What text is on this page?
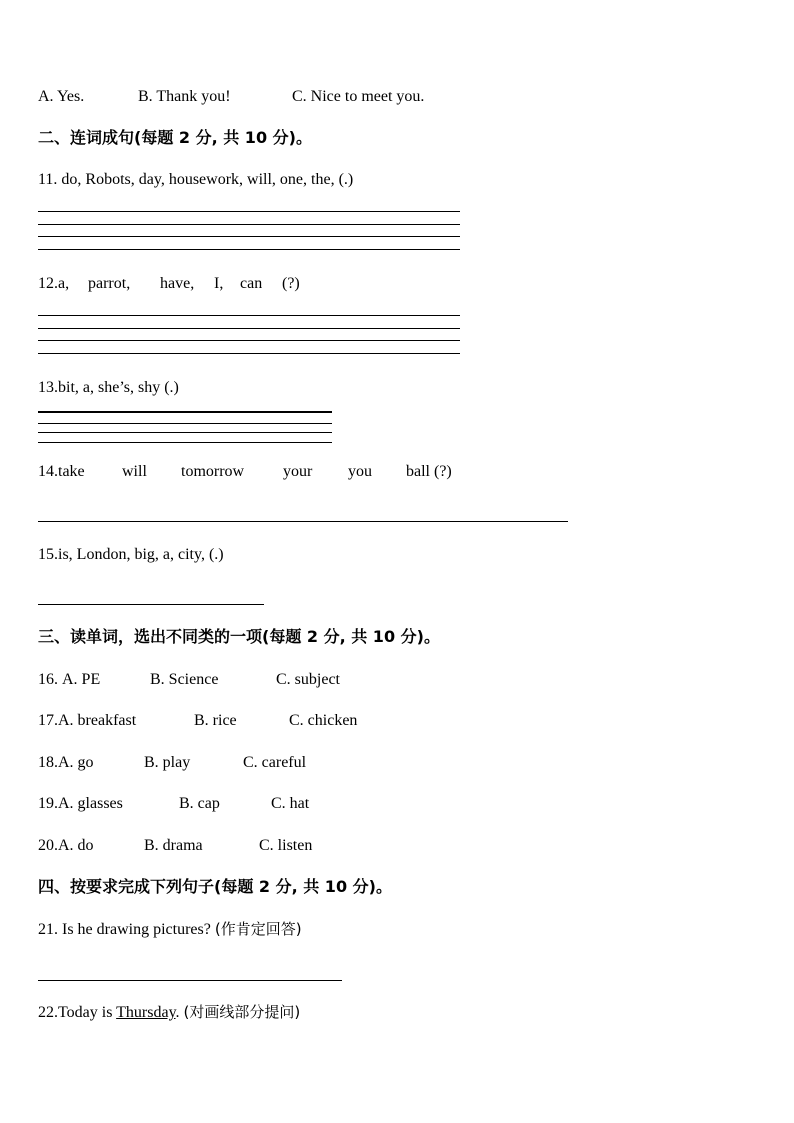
A. Yes.	B. Thank you!	C. Nice to meet you.
二、连词成句(每题 2 分, 共 10 分)。
11. do, Robots, day, housework, will, one, the, (.)
12.a, parrot, have, I, can (?)
13.bit, a, she’s, shy (.)
14.take will tomorrow your you ball (?)
15.is, London, big, a, city, (.)
三、读单词，选出不同类的一项(每题 2 分, 共 10 分)。
16. A. PE	B. Science	C. subject
17.A. breakfast	B. rice	C. chicken
18.A. go	B. play	C. careful
19.A. glasses	B. cap	C. hat
20.A. do	B. drama	C. listen
四、按要求完成下列句子(每题 2 分, 共 10 分)。
21. Is he drawing pictures? (作肯定回答)
22.Today is Thursday. (对画线部分提问)
